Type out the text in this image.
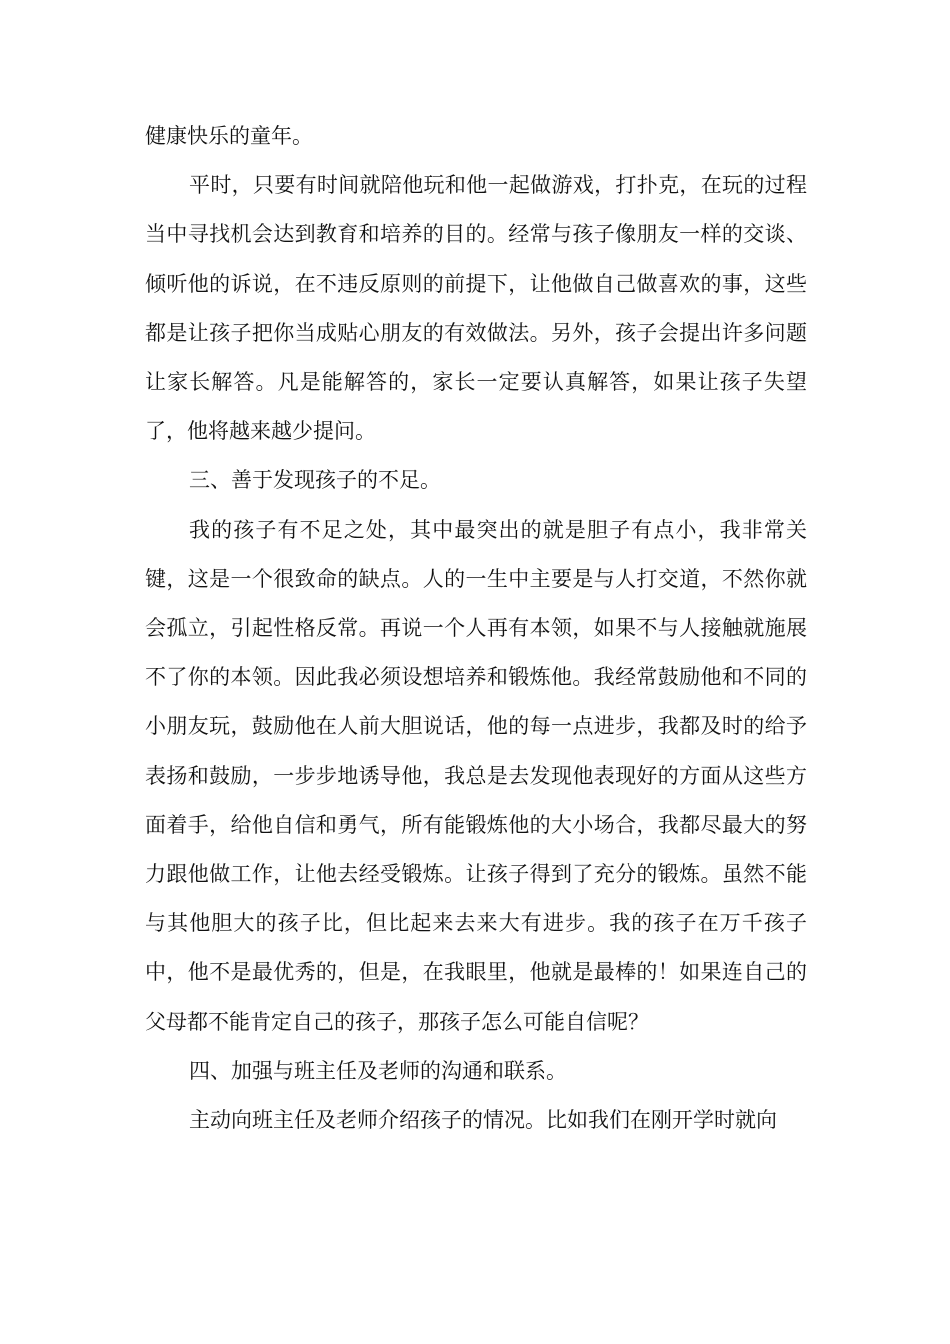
健康快乐的童年。

平时，只要有时间就陪他玩和他一起做游戏，打扑克，在玩的过程当中寻找机会达到教育和培养的目的。经常与孩子像朋友一样的交谈、倾听他的诉说，在不违反原则的前提下，让他做自己做喜欢的事，这些都是让孩子把你当成贴心朋友的有效做法。另外，孩子会提出许多问题让家长解答。凡是能解答的，家长一定要认真解答，如果让孩子失望了，他将越来越少提问。

三、善于发现孩子的不足。

我的孩子有不足之处，其中最突出的就是胆子有点小，我非常关键，这是一个很致命的缺点。人的一生中主要是与人打交道，不然你就会孤立，引起性格反常。再说一个人再有本领，如果不与人接触就施展不了你的本领。因此我必须设想培养和锻炼他。我经常鼓励他和不同的小朋友玩，鼓励他在人前大胆说话，他的每一点进步，我都及时的给予表扬和鼓励，一步步地诱导他，我总是去发现他表现好的方面从这些方面着手，给他自信和勇气，所有能锻炼他的大小场合，我都尽最大的努力跟他做工作，让他去经受锻炼。让孩子得到了充分的锻炼。虽然不能与其他胆大的孩子比，但比起来去来大有进步。我的孩子在万千孩子中，他不是最优秀的，但是，在我眼里，他就是最棒的！如果连自己的父母都不能肯定自己的孩子，那孩子怎么可能自信呢？

四、加强与班主任及老师的沟通和联系。

主动向班主任及老师介绍孩子的情况。比如我们在刚开学时就向
